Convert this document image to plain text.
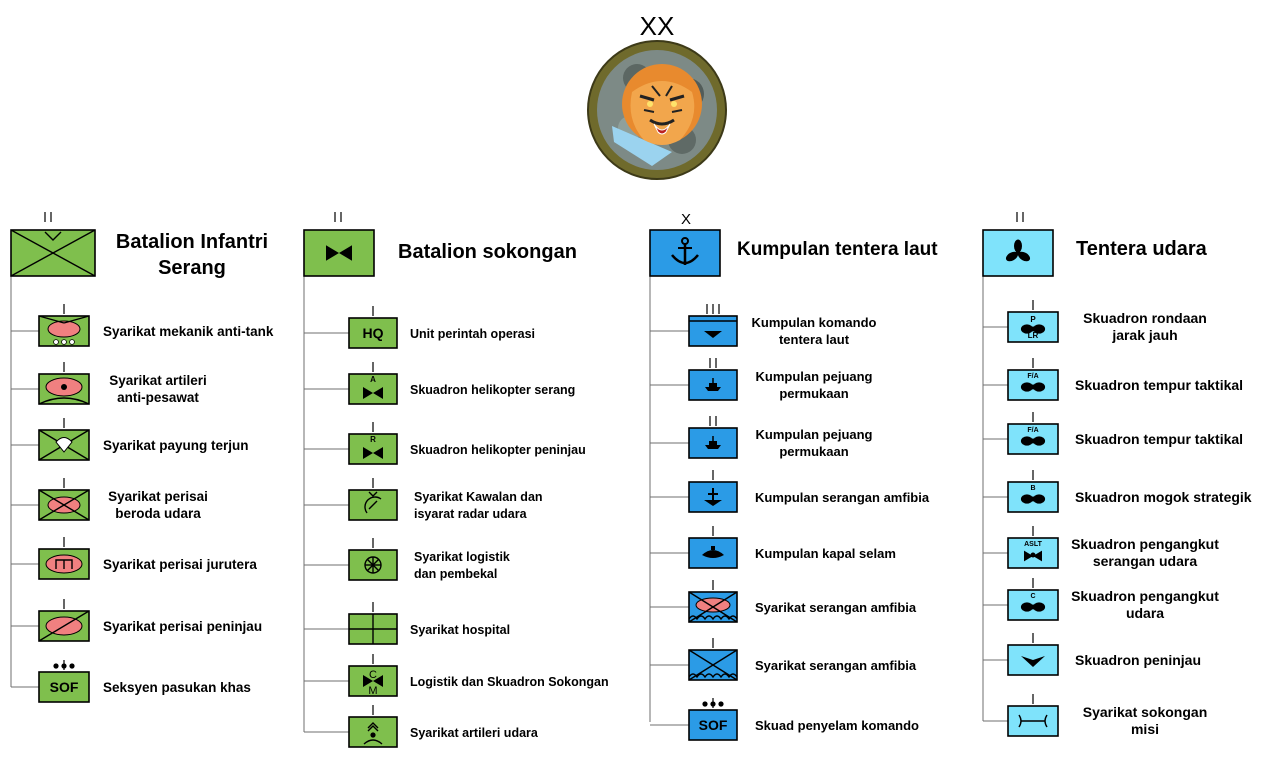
XX
Batalion Infantri
Serang
Syarikat mekanik anti-tank
Syarikat artileri
anti-pesawat
Syarikat payung terjun
Syarikat perisai
beroda udara
Syarikat perisai jurutera
Syarikat perisai peninjau
SOF Seksyen pasukan khas
Batalion sokongan
HQ Unit perintah operasi
A
Skuadron helikopter serang
R
Skuadron helikopter peninjau
Syarikat Kawalan dan
isyarat radar udara
Syarikat logistik
dan pembekal
Syarikat hospital
C
M
Logistik dan Skuadron Sokongan
Syarikat artileri udara
X
Kumpulan tentera laut
Kumpulan komando
tentera laut
Kumpulan pejuang
permukaan
Kumpulan pejuang
permukaan
Kumpulan serangan amfibia
Kumpulan kapal selam
Syarikat serangan amfibia
Syarikat serangan amfibia
SOF Skuad penyelam komando
Tentera udara
P
LR
Skuadron rondaan
jarak jauh
F/A
Skuadron tempur taktikal
F/A
Skuadron tempur taktikal
B
Skuadron mogok strategik
ASLT Skuadron pengangkut
serangan udara
C	Skuadron pengangkut
udara
Skuadron peninjau
Syarikat sokongan
misi
